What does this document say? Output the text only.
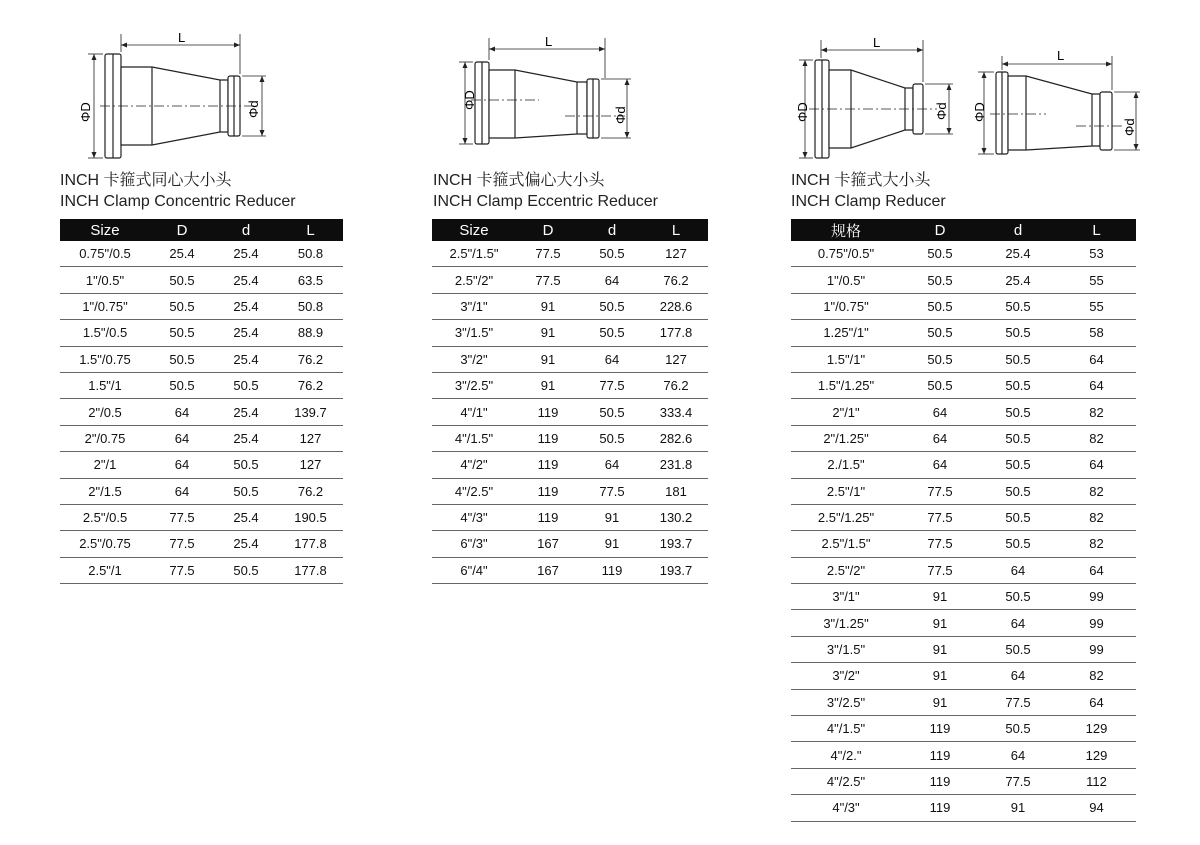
L
ΦD	Φd
INCH 卡箍式同心大小头
INCH Clamp Concentric Reducer
Size	D	d	L
0.75"/0.5	25.4	25.4	50.8
1"/0.5"	50.5	25.4	63.5
1"/0.75"	50.5	25.4	50.8
1.5"/0.5	50.5	25.4	88.9
1.5"/0.75	50.5	25.4	76.2
1.5"/1	50.5	50.5	76.2
2"/0.5	64	25.4	139.7
2"/0.75	64	25.4	127
2"/1	64	50.5	127
2"/1.5	64	50.5	76.2
2.5"/0.5	77.5	25.4	190.5
2.5"/0.75	77.5	25.4	177.8
2.5"/1	77.5	50.5	177.8
L
ΦD
Φd
INCH 卡箍式偏心大小头
INCH Clamp Eccentric Reducer
Size	D	d	L
2.5"/1.5"	77.5	50.5	127
2.5"/2"	77.5	64	76.2
3"/1"	91	50.5	228.6
3"/1.5"	91	50.5	177.8
3"/2"	91	64	127
3"/2.5"	91	77.5	76.2
4"/1"	119	50.5	333.4
4"/1.5"	119	50.5	282.6
4"/2"	119	64	231.8
4"/2.5"	119	77.5	181
4"/3"	119	91	130.2
6"/3"	167	91	193.7
6"/4"	167	119	193.7
L
ΦD	Φd
L
ΦD
Φd
INCH 卡箍式大小头
INCH Clamp Reducer
规格	D	d	L
0.75"/0.5"	50.5	25.4	53
1"/0.5"	50.5	25.4	55
1"/0.75"	50.5	50.5	55
1.25"/1"	50.5	50.5	58
1.5"/1"	50.5	50.5	64
1.5"/1.25"	50.5	50.5	64
2"/1"	64	50.5	82
2"/1.25"	64	50.5	82
2./1.5"	64	50.5	64
2.5"/1"	77.5	50.5	82
2.5"/1.25"	77.5	50.5	82
2.5"/1.5"	77.5	50.5	82
2.5"/2"	77.5	64	64
3"/1"	91	50.5	99
3"/1.25"	91	64	99
3"/1.5"	91	50.5	99
3"/2"	91	64	82
3"/2.5"	91	77.5	64
4"/1.5"	119	50.5	129
4"/2."	119	64	129
4"/2.5"	119	77.5	112
4"/3"	119	91	94
